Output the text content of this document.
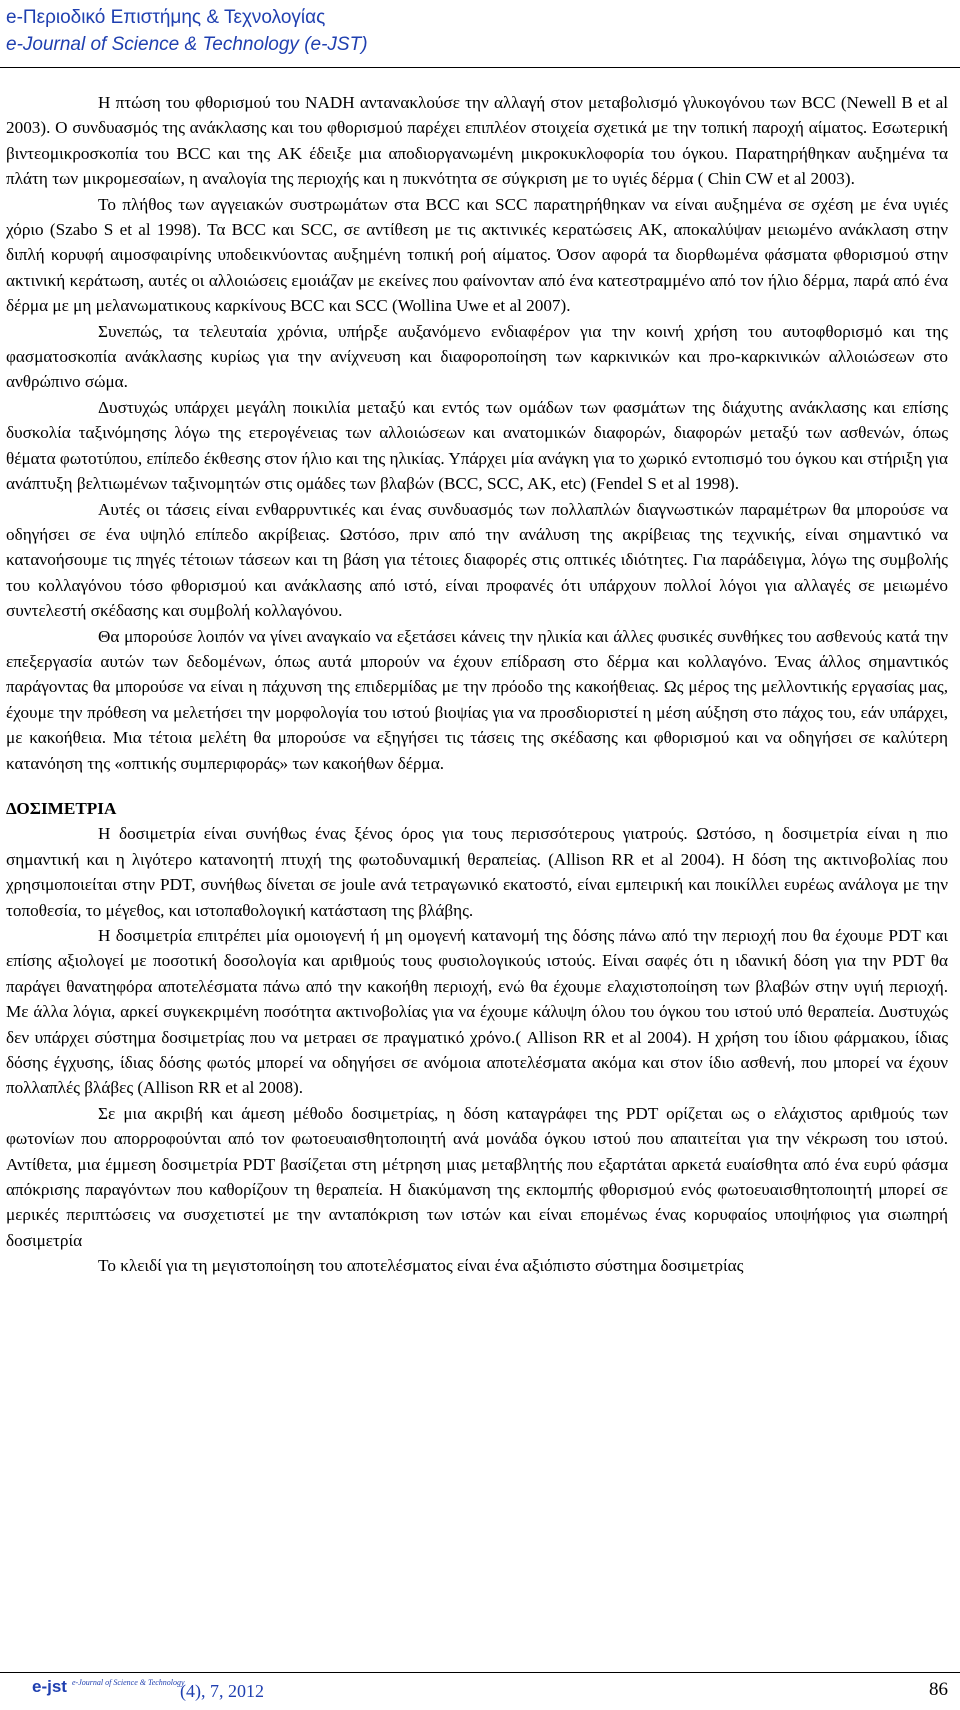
e-Περιοδικό Επιστήμης & Τεχνολογίας
e-Journal of Science & Technology (e-JST)

Η πτώση του φθορισμού του NADH αντανακλούσε την αλλαγή στον μεταβολισμό γλυκογόνου των BCC (Newell B et al 2003). Ο συνδυασμός της ανάκλασης και του φθορισμού παρέχει επιπλέον στοιχεία σχετικά με την τοπική παροχή αίματος. Εσωτερική βιντεομικροσκοπία του BCC και της AK έδειξε μια αποδιοργανωμένη μικροκυκλοφορία του όγκου. Παρατηρήθηκαν αυξημένα τα πλάτη των μικρομεσαίων, η αναλογία της περιοχής και η πυκνότητα σε σύγκριση με το υγιές δέρμα ( Chin CW et al 2003).

Το πλήθος των αγγειακών συστρωμάτων στα BCC και SCC παρατηρήθηκαν να είναι αυξημένα σε σχέση με ένα υγιές χόριο (Szabo S et al 1998). Τα BCC και SCC, σε αντίθεση με τις ακτινικές κερατώσεις AK, αποκαλύψαν μειωμένο ανάκλαση στην διπλή κορυφή αιμοσφαιρίνης υποδεικνύοντας αυξημένη τοπική ροή αίματος. Όσον αφορά τα διορθωμένα φάσματα φθορισμού στην ακτινική κεράτωση, αυτές οι αλλοιώσεις εμοιάζαν με εκείνες που φαίνονταν από ένα κατεστραμμένο από τον ήλιο δέρμα, παρά από ένα δέρμα με μη μελανωματικους καρκίνους BCC και SCC (Wollina Uwe et al 2007).

Συνεπώς, τα τελευταία χρόνια, υπήρξε αυξανόμενο ενδιαφέρον για την κοινή χρήση του αυτοφθορισμό και της φασματοσκοπία ανάκλασης κυρίως για την ανίχνευση και διαφοροποίηση των καρκινικών και προ-καρκινικών αλλοιώσεων στο ανθρώπινο σώμα.

Δυστυχώς υπάρχει μεγάλη ποικιλία μεταξύ και εντός των ομάδων των φασμάτων της διάχυτης ανάκλασης και επίσης δυσκολία ταξινόμησης λόγω της ετερογένειας των αλλοιώσεων και ανατομικών διαφορών, διαφορών μεταξύ των ασθενών, όπως θέματα φωτοτύπου, επίπεδο έκθεσης στον ήλιο και της ηλικίας. Υπάρχει μία ανάγκη για το χωρικό εντοπισμό του όγκου και στήριξη για ανάπτυξη βελτιωμένων ταξινομητών στις ομάδες των βλαβών (BCC, SCC, AK, etc) (Fendel S et al 1998).

Αυτές οι τάσεις είναι ενθαρρυντικές και ένας συνδυασμός των πολλαπλών διαγνωστικών παραμέτρων θα μπορούσε να οδηγήσει σε ένα υψηλό επίπεδο ακρίβειας. Ωστόσο, πριν από την ανάλυση της ακρίβειας της τεχνικής, είναι σημαντικό να κατανοήσουμε τις πηγές τέτοιων τάσεων και τη βάση για τέτοιες διαφορές στις οπτικές ιδιότητες. Για παράδειγμα, λόγω της συμβολής του κολλαγόνου τόσο φθορισμού και ανάκλασης από ιστό, είναι προφανές ότι υπάρχουν πολλοί λόγοι για αλλαγές σε μειωμένο συντελεστή σκέδασης και συμβολή κολλαγόνου.

Θα μπορούσε λοιπόν να γίνει αναγκαίο να εξετάσει κάνεις την ηλικία και άλλες φυσικές συνθήκες του ασθενούς κατά την επεξεργασία αυτών των δεδομένων, όπως αυτά μπορούν να έχουν επίδραση στο δέρμα και κολλαγόνο. Ένας άλλος σημαντικός παράγοντας θα μπορούσε να είναι η πάχυνση της επιδερμίδας με την πρόοδο της κακοήθειας. Ως μέρος της μελλοντικής εργασίας μας, έχουμε την πρόθεση να μελετήσει την μορφολογία του ιστού βιοψίας για να προσδιοριστεί η μέση αύξηση στο πάχος του, εάν υπάρχει, με κακοήθεια. Μια τέτοια μελέτη θα μπορούσε να εξηγήσει τις τάσεις της σκέδασης και φθορισμού και να οδηγήσει σε καλύτερη κατανόηση της «οπτικής συμπεριφοράς» των κακοήθων δέρμα.

ΔΟΣΙΜΕΤΡΙΑ

Η δοσιμετρία είναι συνήθως ένας ξένος όρος για τους περισσότερους γιατρούς. Ωστόσο, η δοσιμετρία είναι η πιο σημαντική και η λιγότερο κατανοητή πτυχή της φωτοδυναμική θεραπείας. (Allison RR et al 2004). Η δόση της ακτινοβολίας που χρησιμοποιείται στην PDT, συνήθως δίνεται σε joule ανά τετραγωνικό εκατοστό, είναι εμπειρική και ποικίλλει ευρέως ανάλογα με την τοποθεσία, το μέγεθος, και ιστοπαθολογική κατάσταση της βλάβης.

Η δοσιμετρία επιτρέπει μία ομοιογενή ή μη ομογενή κατανομή της δόσης πάνω από την περιοχή που θα έχουμε PDT και επίσης αξιολογεί με ποσοτική δοσολογία και αριθμούς τους φυσιολογικούς ιστούς. Είναι σαφές ότι η ιδανική δόση για την PDT θα παράγει θανατηφόρα αποτελέσματα πάνω από την κακοήθη περιοχή, ενώ θα έχουμε ελαχιστοποίηση των βλαβών στην υγιή περιοχή. Με άλλα λόγια, αρκεί συγκεκριμένη ποσότητα ακτινοβολίας για να έχουμε κάλυψη όλου του όγκου του ιστού υπό θεραπεία. Δυστυχώς δεν υπάρχει σύστημα δοσιμετρίας που να μετραει σε πραγματικό χρόνο.( Allison RR et al 2004). Η χρήση του ίδιου φάρμακου, ίδιας δόσης έγχυσης, ίδιας δόσης φωτός μπορεί να οδηγήσει σε ανόμοια αποτελέσματα ακόμα και στον ίδιο ασθενή, που μπορεί να έχουν πολλαπλές βλάβες (Allison RR et al 2008).

Σε μια ακριβή και άμεση μέθοδο δοσιμετρίας, η δόση καταγράφει της PDT ορίζεται ως ο ελάχιστος αριθμούς των φωτονίων που απορροφούνται από τον φωτοευαισθητοποιητή ανά μονάδα όγκου ιστού που απαιτείται για την νέκρωση του ιστού. Αντίθετα, μια έμμεση δοσιμετρία PDT βασίζεται στη μέτρηση μιας μεταβλητής που εξαρτάται αρκετά ευαίσθητα από ένα ευρύ φάσμα απόκρισης παραγόντων που καθορίζουν τη θεραπεία. Η διακύμανση της εκπομπής φθορισμού ενός φωτοευαισθητοποιητή μπορεί σε μερικές περιπτώσεις να συσχετιστεί με την ανταπόκριση των ιστών και είναι επομένως ένας κορυφαίος υποψήφιος για σιωπηρή δοσιμετρία

Το κλειδί για τη μεγιστοποίηση του αποτελέσματος είναι ένα αξιόπιστο σύστημα δοσιμετρίας

e-jst e-Journal of Science & Technology
(4), 7, 2012	86
